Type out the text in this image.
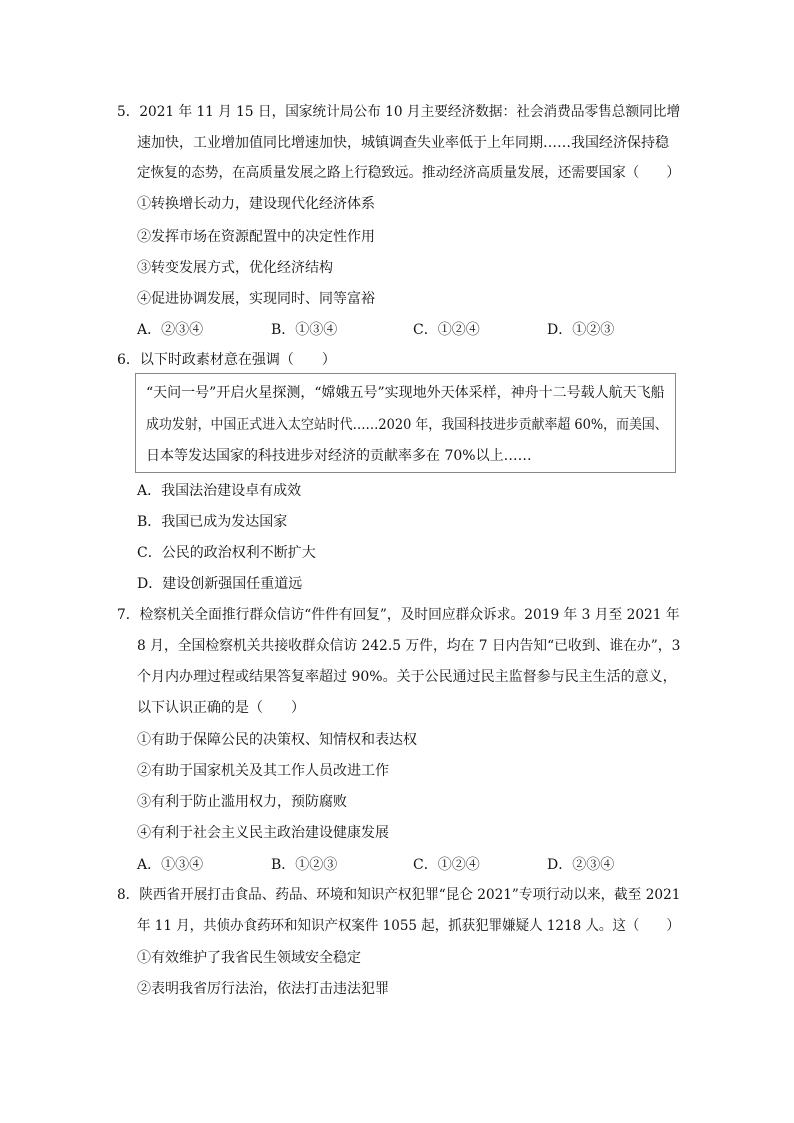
5．2021 年 11 月 15 日，国家统计局公布 10 月主要经济数据：社会消费品零售总额同比增
速加快，工业增加值同比增速加快，城镇调查失业率低于上年同期……我国经济保持稳
定恢复的态势，在高质量发展之路上行稳致远。推动经济高质量发展，还需要国家（　　）
①转换增长动力，建设现代化经济体系
②发挥市场在资源配置中的决定性作用
③转变发展方式，优化经济结构
④促进协调发展，实现同时、同等富裕
A．②③④	B．①③④	C．①②④	D．①②③
6．以下时政素材意在强调（　　）
“天问一号”开启火星探测，“嫦娥五号”实现地外天体采样，神舟十二号载人航天飞船
成功发射，中国正式进入太空站时代……2020 年，我国科技进步贡献率超 60%，而美国、
日本等发达国家的科技进步对经济的贡献率多在 70%以上……
A．我国法治建设卓有成效
B．我国已成为发达国家
C．公民的政治权利不断扩大
D．建设创新强国任重道远
7．检察机关全面推行群众信访“件件有回复”，及时回应群众诉求。2019 年 3 月至 2021 年
8 月，全国检察机关共接收群众信访 242.5 万件，均在 7 日内告知“已收到、谁在办”，3
个月内办理过程或结果答复率超过 90%。关于公民通过民主监督参与民主生活的意义，
以下认识正确的是（　　）
①有助于保障公民的决策权、知情权和表达权
②有助于国家机关及其工作人员改进工作
③有利于防止滥用权力，预防腐败
④有利于社会主义民主政治建设健康发展
A．①③④	B．①②③	C．①②④	D．②③④
8．陕西省开展打击食品、药品、环境和知识产权犯罪“昆仑 2021”专项行动以来，截至 2021
年 11 月，共侦办食药环和知识产权案件 1055 起，抓获犯罪嫌疑人 1218 人。这（　　）
①有效维护了我省民生领域安全稳定
②表明我省厉行法治，依法打击违法犯罪
